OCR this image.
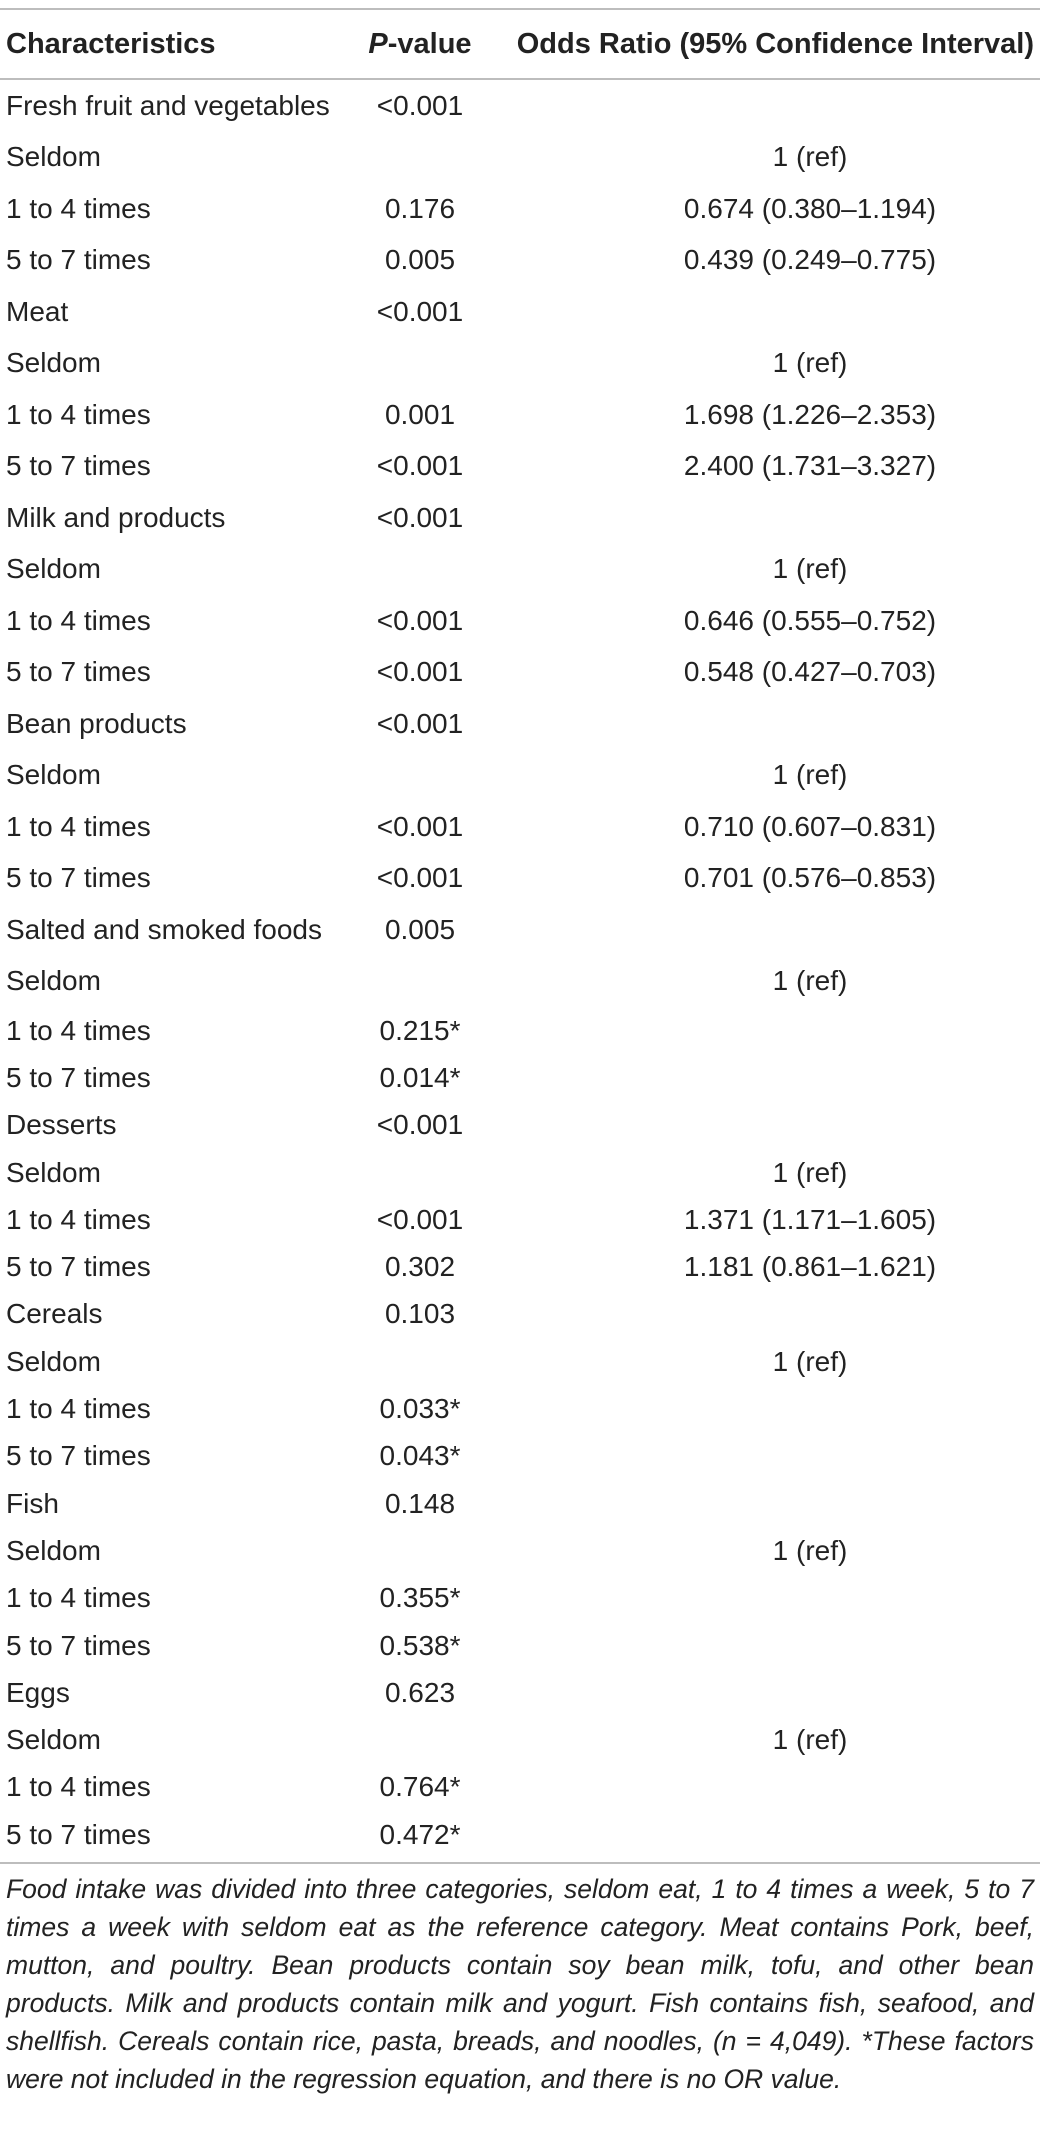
Characteristics	P-value	Odds Ratio (95% Confidence Interval)
Fresh fruit and vegetables	<0.001	
Seldom		1 (ref)
1 to 4 times	0.176	0.674 (0.380–1.194)
5 to 7 times	0.005	0.439 (0.249–0.775)
Meat	<0.001	
Seldom		1 (ref)
1 to 4 times	0.001	1.698 (1.226–2.353)
5 to 7 times	<0.001	2.400 (1.731–3.327)
Milk and products	<0.001	
Seldom		1 (ref)
1 to 4 times	<0.001	0.646 (0.555–0.752)
5 to 7 times	<0.001	0.548 (0.427–0.703)
Bean products	<0.001	
Seldom		1 (ref)
1 to 4 times	<0.001	0.710 (0.607–0.831)
5 to 7 times	<0.001	0.701 (0.576–0.853)
Salted and smoked foods	0.005	
Seldom		1 (ref)
1 to 4 times	0.215*	
5 to 7 times	0.014*	
Desserts	<0.001	
Seldom		1 (ref)
1 to 4 times	<0.001	1.371 (1.171–1.605)
5 to 7 times	0.302	1.181 (0.861–1.621)
Cereals	0.103	
Seldom		1 (ref)
1 to 4 times	0.033*	
5 to 7 times	0.043*	
Fish	0.148	
Seldom		1 (ref)
1 to 4 times	0.355*	
5 to 7 times	0.538*	
Eggs	0.623	
Seldom		1 (ref)
1 to 4 times	0.764*	
5 to 7 times	0.472*	

Food intake was divided into three categories, seldom eat, 1 to 4 times a week, 5 to 7 times a week with seldom eat as the reference category. Meat contains Pork, beef, mutton, and poultry. Bean products contain soy bean milk, tofu, and other bean products. Milk and products contain milk and yogurt. Fish contains fish, seafood, and shellfish. Cereals contain rice, pasta, breads, and noodles, (n = 4,049). *These factors were not included in the regression equation, and there is no OR value.
